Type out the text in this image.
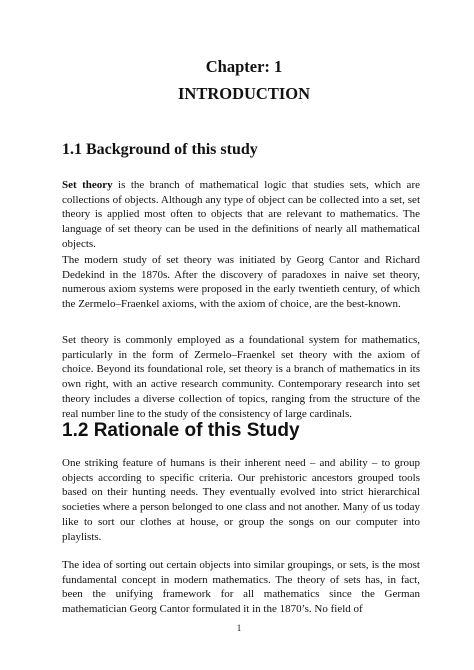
Chapter: 1
INTRODUCTION
1.1 Background of this study

Set theory is the branch of mathematical logic that studies sets, which are collections of objects. Although any type of object can be collected into a set, set theory is applied most often to objects that are relevant to mathematics. The language of set theory can be used in the definitions of nearly all mathematical objects.

The modern study of set theory was initiated by Georg Cantor and Richard Dedekind in the 1870s. After the discovery of paradoxes in naive set theory, numerous axiom systems were proposed in the early twentieth century, of which the Zermelo–Fraenkel axioms, with the axiom of choice, are the best-known.

Set theory is commonly employed as a foundational system for mathematics, particularly in the form of Zermelo–Fraenkel set theory with the axiom of choice. Beyond its foundational role, set theory is a branch of mathematics in its own right, with an active research community. Contemporary research into set theory includes a diverse collection of topics, ranging from the structure of the real number line to the study of the consistency of large cardinals.

1.2 Rationale of this Study

One striking feature of humans is their inherent need – and ability – to group objects according to specific criteria. Our prehistoric ancestors grouped tools based on their hunting needs. They eventually evolved into strict hierarchical societies where a person belonged to one class and not another. Many of us today like to sort our clothes at house, or group the songs on our computer into playlists.

The idea of sorting out certain objects into similar groupings, or sets, is the most fundamental concept in modern mathematics. The theory of sets has, in fact, been the unifying framework for all mathematics since the German mathematician Georg Cantor formulated it in the 1870’s. No field of

1
